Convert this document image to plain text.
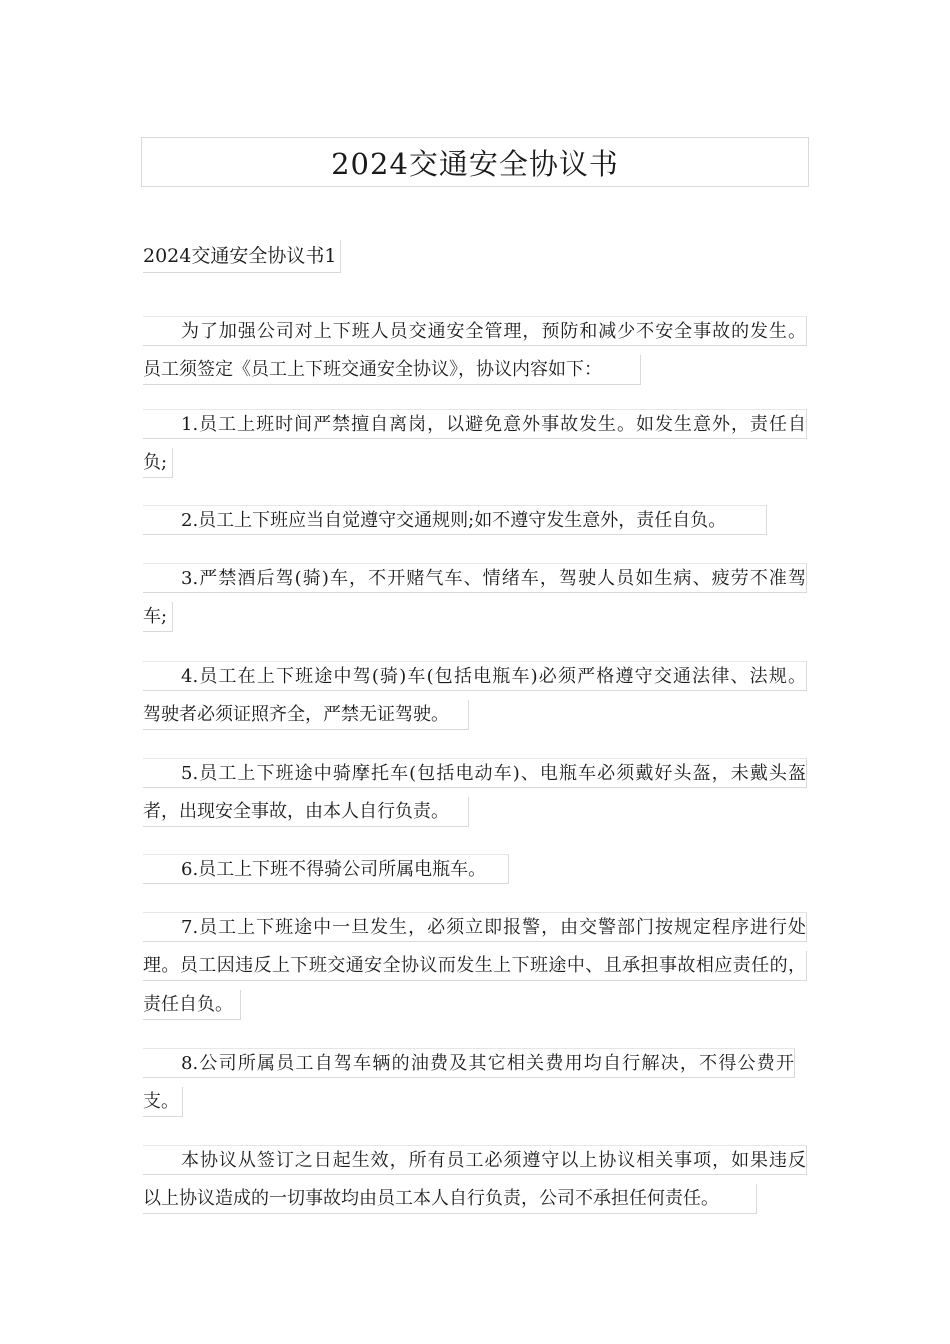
2024交通安全协议书
2024交通安全协议书1
为了加强公司对上下班人员交通安全管理，预防和减少不安全事故的发生。
员工须签定《员工上下班交通安全协议》，协议内容如下：
1.员工上班时间严禁擅自离岗，以避免意外事故发生。如发生意外，责任自
负;
2.员工上下班应当自觉遵守交通规则;如不遵守发生意外，责任自负。
3.严禁酒后驾(骑)车，不开赌气车、情绪车，驾驶人员如生病、疲劳不准驾
车;
4.员工在上下班途中驾(骑)车(包括电瓶车)必须严格遵守交通法律、法规。
驾驶者必须证照齐全，严禁无证驾驶。
5.员工上下班途中骑摩托车(包括电动车)、电瓶车必须戴好头盔，未戴头盔
者，出现安全事故，由本人自行负责。
6.员工上下班不得骑公司所属电瓶车。
7.员工上下班途中一旦发生，必须立即报警，由交警部门按规定程序进行处
理。员工因违反上下班交通安全协议而发生上下班途中、且承担事故相应责任的，
责任自负。
8.公司所属员工自驾车辆的油费及其它相关费用均自行解决，不得公费开
支。
本协议从签订之日起生效，所有员工必须遵守以上协议相关事项，如果违反
以上协议造成的一切事故均由员工本人自行负责，公司不承担任何责任。
